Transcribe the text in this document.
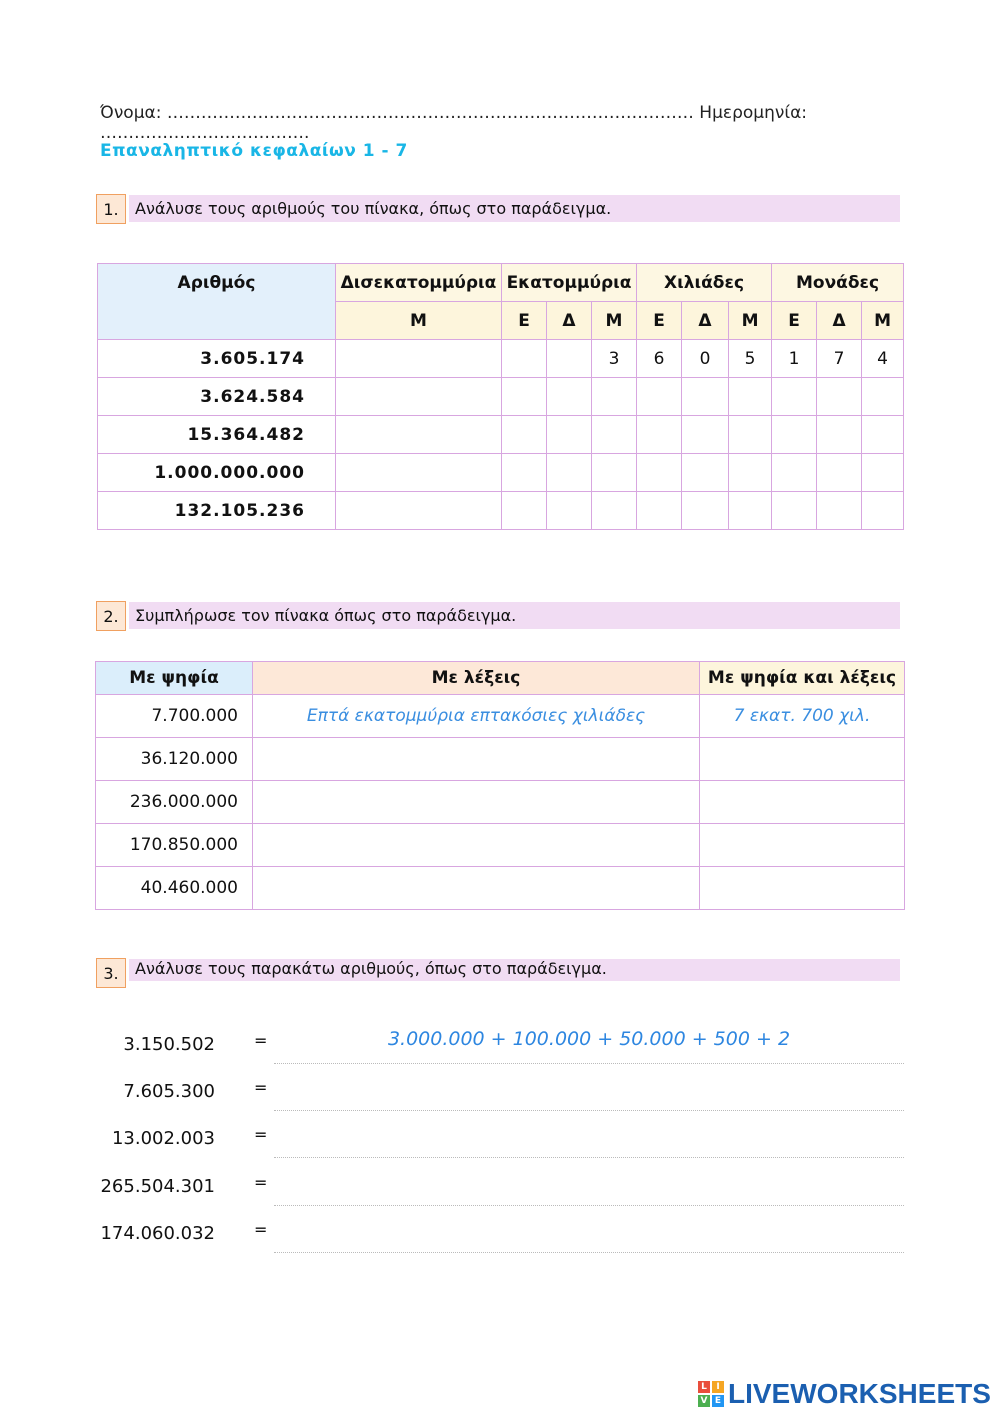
Όνομα: ………………………………………………………………………………… Ημερομηνία: ……………………………….
Επαναληπτικό κεφαλαίων 1 - 7
1.	Ανάλυσε τους αριθμούς του πίνακα, όπως στο παράδειγμα.
Αριθμός	Δισεκατομμύρια	Εκατομμύρια			Χιλιάδες			Μονάδες		
	Μ	Ε	Δ	Μ	Ε	Δ	Μ	Ε	Δ	Μ
3.605.174				3	6	0	5	1	7	4
3.624.584										
15.364.482										
1.000.000.000										
132.105.236										
2.	Συμπλήρωσε τον πίνακα όπως στο παράδειγμα.
Με ψηφία	Με λέξεις	Με ψηφία και λέξεις
7.700.000	Επτά εκατομμύρια επτακόσιες χιλιάδες	7 εκατ. 700 χιλ.
36.120.000		
236.000.000		
170.850.000		
40.460.000		
3.	Ανάλυσε τους παρακάτω αριθμούς, όπως στο παράδειγμα.
3.150.502 =	3.000.000 + 100.000 + 50.000 + 500 + 2
7.605.300 =
13.002.003 =
265.504.301 =
174.060.032 =
L	I
V E LIVEWORKSHEETS
